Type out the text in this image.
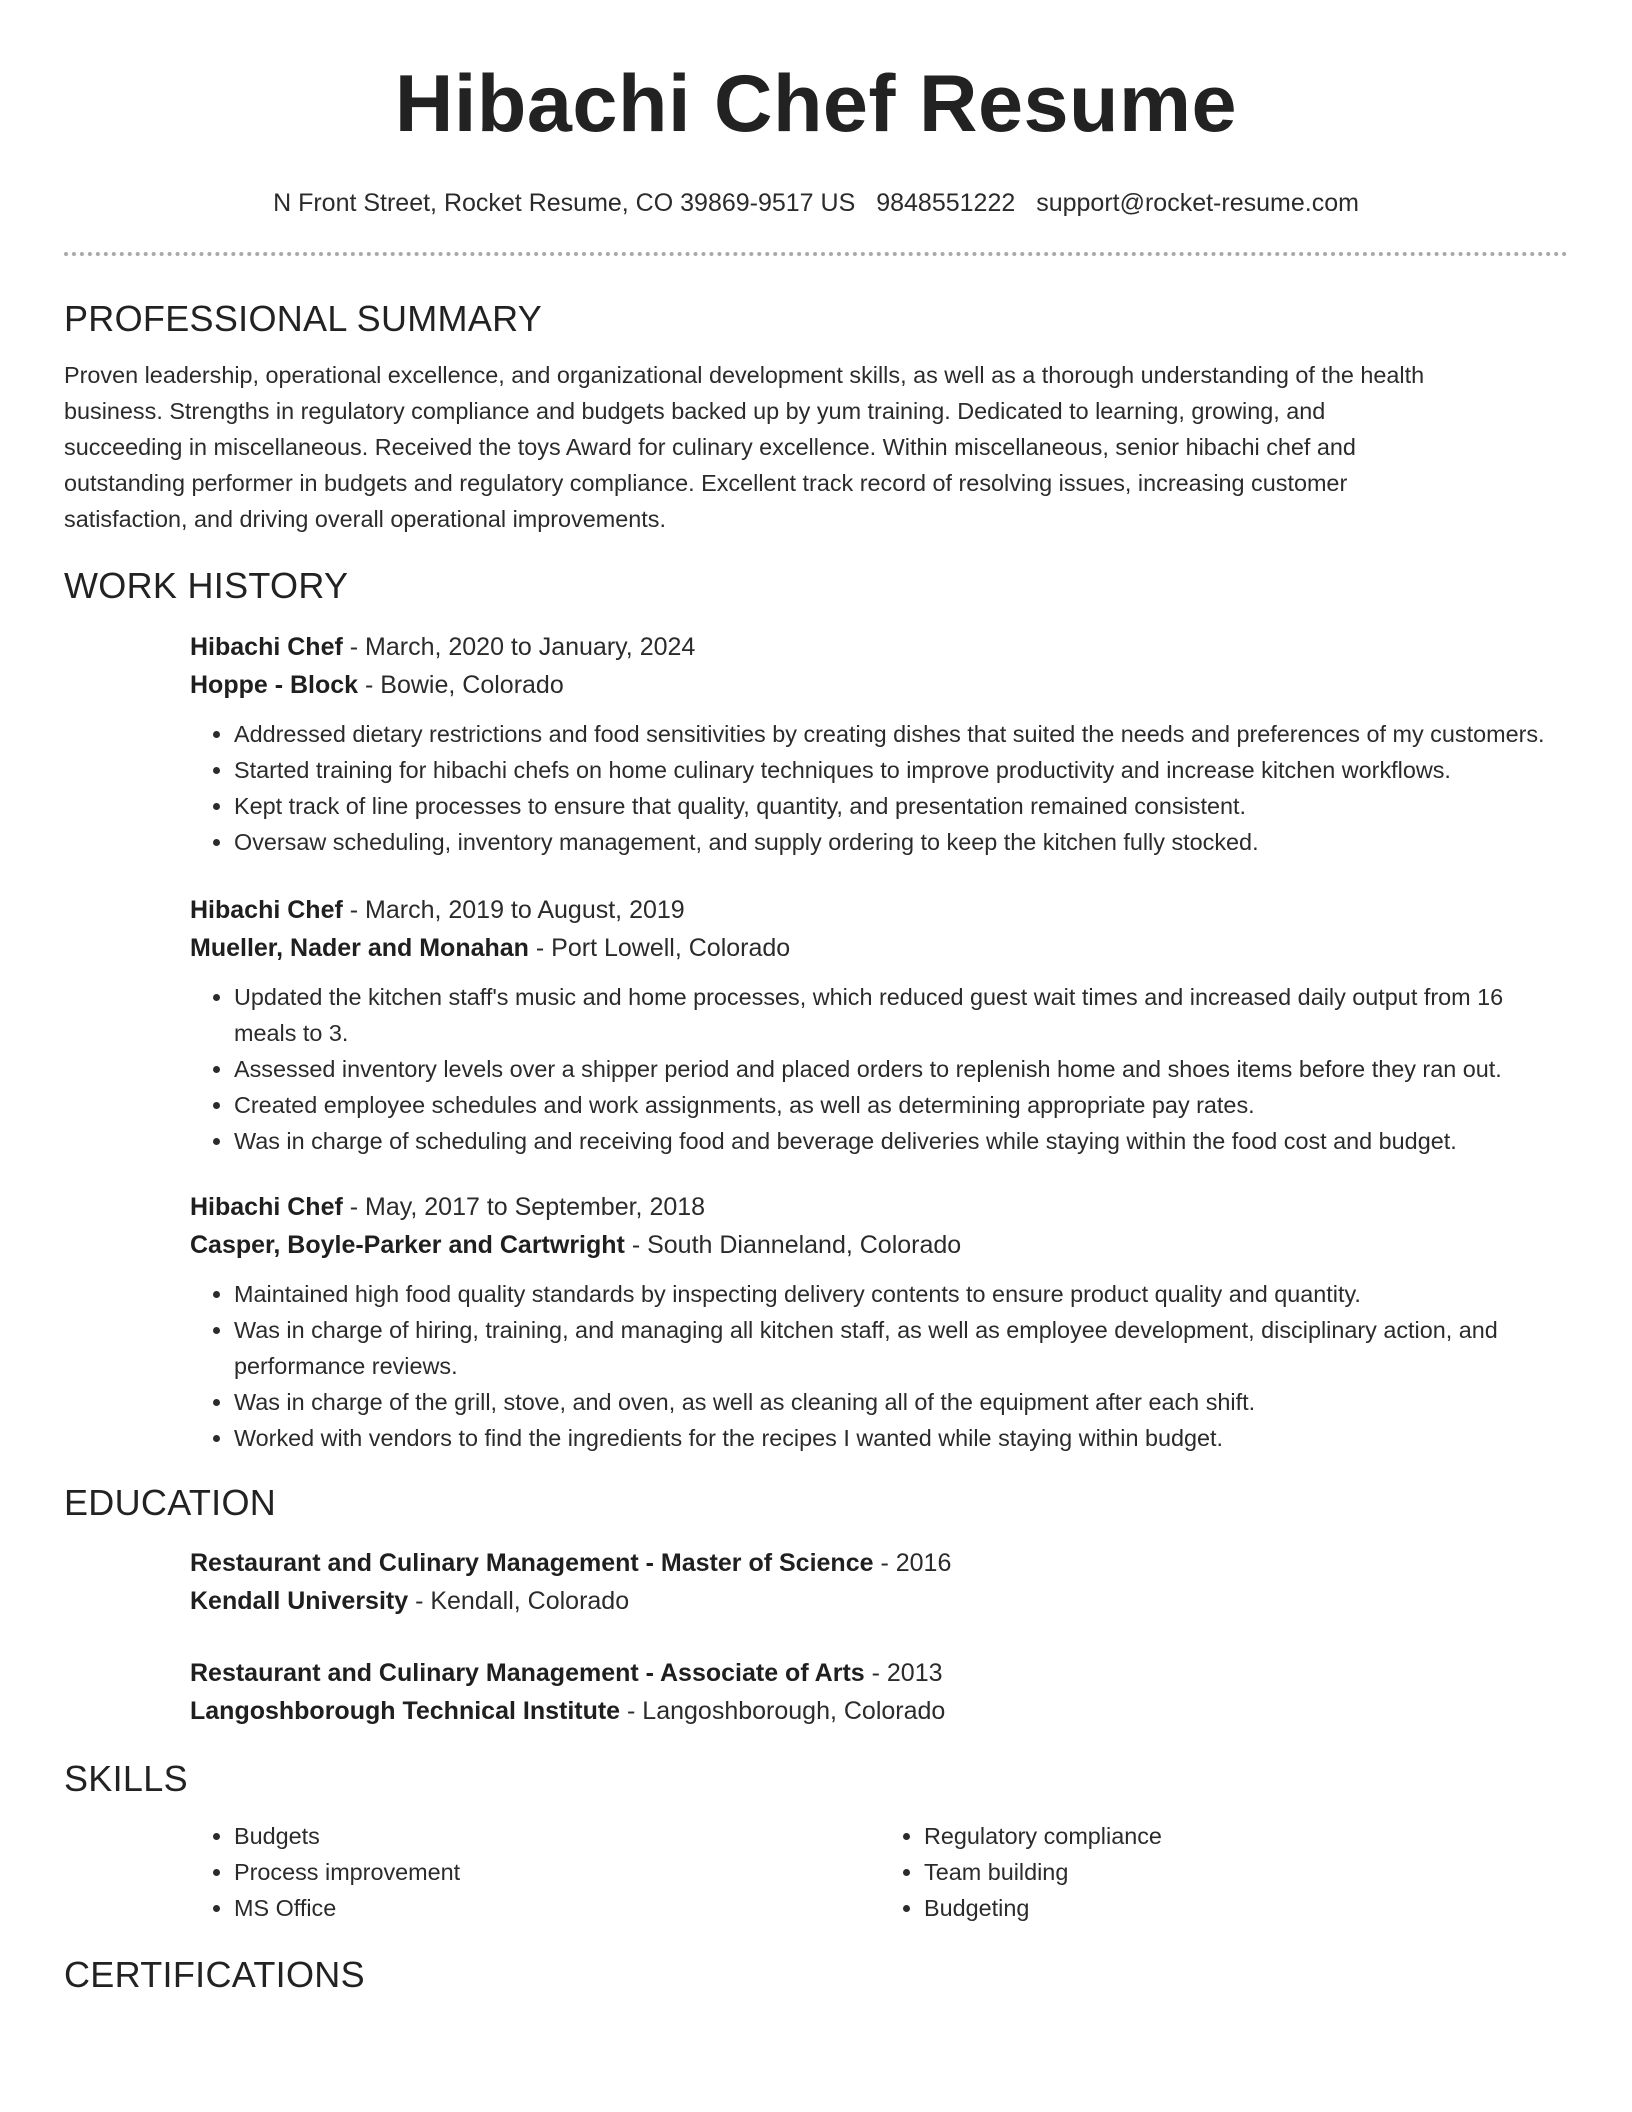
Hibachi Chef Resume
N Front Street, Rocket Resume, CO 39869-9517 US 9848551222 support@rocket-resume.com
PROFESSIONAL SUMMARY

Proven leadership, operational excellence, and organizational development skills, as well as a thorough understanding of the health business. Strengths in regulatory compliance and budgets backed up by yum training. Dedicated to learning, growing, and succeeding in miscellaneous. Received the toys Award for culinary excellence. Within miscellaneous, senior hibachi chef and outstanding performer in budgets and regulatory compliance. Excellent track record of resolving issues, increasing customer satisfaction, and driving overall operational improvements.

WORK HISTORY
Hibachi Chef - March, 2020 to January, 2024
Hoppe - Block - Bowie, Colorado
• Addressed dietary restrictions and food sensitivities by creating dishes that suited the needs and preferences of my customers.
• Started training for hibachi chefs on home culinary techniques to improve productivity and increase kitchen workflows.
• Kept track of line processes to ensure that quality, quantity, and presentation remained consistent.
• Oversaw scheduling, inventory management, and supply ordering to keep the kitchen fully stocked.
Hibachi Chef - March, 2019 to August, 2019
Mueller, Nader and Monahan - Port Lowell, Colorado
• Updated the kitchen staff's music and home processes, which reduced guest wait times and increased daily output from 16 meals to 3.
• Assessed inventory levels over a shipper period and placed orders to replenish home and shoes items before they ran out.
• Created employee schedules and work assignments, as well as determining appropriate pay rates.
• Was in charge of scheduling and receiving food and beverage deliveries while staying within the food cost and budget.
Hibachi Chef - May, 2017 to September, 2018
Casper, Boyle-Parker and Cartwright - South Dianneland, Colorado
• Maintained high food quality standards by inspecting delivery contents to ensure product quality and quantity.
• Was in charge of hiring, training, and managing all kitchen staff, as well as employee development, disciplinary action, and performance reviews.
• Was in charge of the grill, stove, and oven, as well as cleaning all of the equipment after each shift.
• Worked with vendors to find the ingredients for the recipes I wanted while staying within budget.
EDUCATION
Restaurant and Culinary Management - Master of Science - 2016
Kendall University - Kendall, Colorado
Restaurant and Culinary Management - Associate of Arts - 2013
Langoshborough Technical Institute - Langoshborough, Colorado
SKILLS
• Budgets
• Process improvement
• MS Office
• Regulatory compliance
• Team building
• Budgeting
CERTIFICATIONS
